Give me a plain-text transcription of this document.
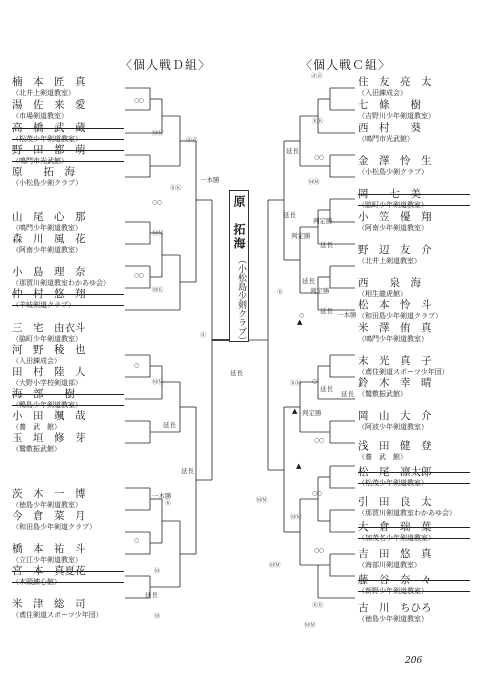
〈個人戦Ｄ組〉	〈個人戦Ｃ組〉
原　拓海
（小松島少剣クラブ）
一本勝
楠　本　匠　真
（北井上剣道教室）
湯　佐　来　愛
（市場剣道教室）
高　橋　武　蔵
（松茂少年剣道教室）
野　田　都　萌
（鳴門市光武館）
原　　拓　海
（小松島少剣クラブ）
山　尾　心　那
（鳴門少年剣道教室）
森　川　風　花
（阿南少年剣道教室）
小　島　理　奈
（那賀川剣道教室わかあゆ会）
仲　村　悠　翔
（羊岐剣道クラブ）
三　宅　由衣斗
（脇町少年剣道教室）
河　野　稜　也
（入田錬成会）
田　村　陸　人
（大野小学校剣道部）
海　部　　樹
（鴨島少年剣道教室）
小　田　颯　哉
（養　武　館）
玉　垣　修　芽
（鷲敷振武館）
茨　木　一　博
（徳島少年剣道教室）
今　倉　菜　月
（和田島少年剣道クラブ）
橋　本　祐　斗
（立江少年剣道教室）
宮　本　真夏花
（木頭錬心館）
米　津　総　司
（鳶住剣道スポーツ少年団）
住　友　亮　太
（入田錬成会）
七　條　　樹
（吉野川少年剣道教室）
西　村　　葵
（鳴門市光武館）
金　澤　怜　生
（小松島少剣クラブ）
岡　　七　美
（脇町少年剣道教室）
小　笠　優　翔
（阿南少年剣道教室）
野　辺　友　介
（北井上剣道教室）
西　　泉　海
（相生龍虎館）
松　本　怜　斗
（和田島少年剣道クラブ）
米　澤　侑　真
（鳴門少年剣道教室）
末　光　真　子
（鳶住剣道スポーツ少年団）
鈴　木　幸　晴
（鷲敷振武館）
岡　山　大　介
（阿波少年剣道教室）
浅　田　健　登
（養　武　館）
松　尾　凛太郎
（松茂少年剣道教室）
引　田　良　太
（那賀川剣道教室わかあゆ会）
大　倉　瑞　葉
（加茂名少年剣道教室）
吉　田　悠　真
（海部川剣道教室）
藤　谷　奈　々
（新野少年剣道教室）
古　川　ちひろ
（徳島少年剣道教室）
○○
ⓂⓂ
ⓓⓓ
ⓀⓀ
○○
ⓂⓂ
○○
ⓂⓀ
○
ⓂⓂ
Ⓚ
○
Ⓜ
Ⓜ
ⓓ
延長
延長
一本勝
延長
延長
ⓓⓓ
ⓀⓀ
○○
ⓂⓂ
○
ⓀⓀ ○
○○
○○
ⓂⓂ
ⓂⓂ
ⓂⓂ
○○
ⓀⓀ
ⓂⓂ
Ⓚ
延長
延長
判定勝
判定勝
延長
延長
判定勝
一本勝
延長
延長
延長
判定勝
▲
▲
▲
206
